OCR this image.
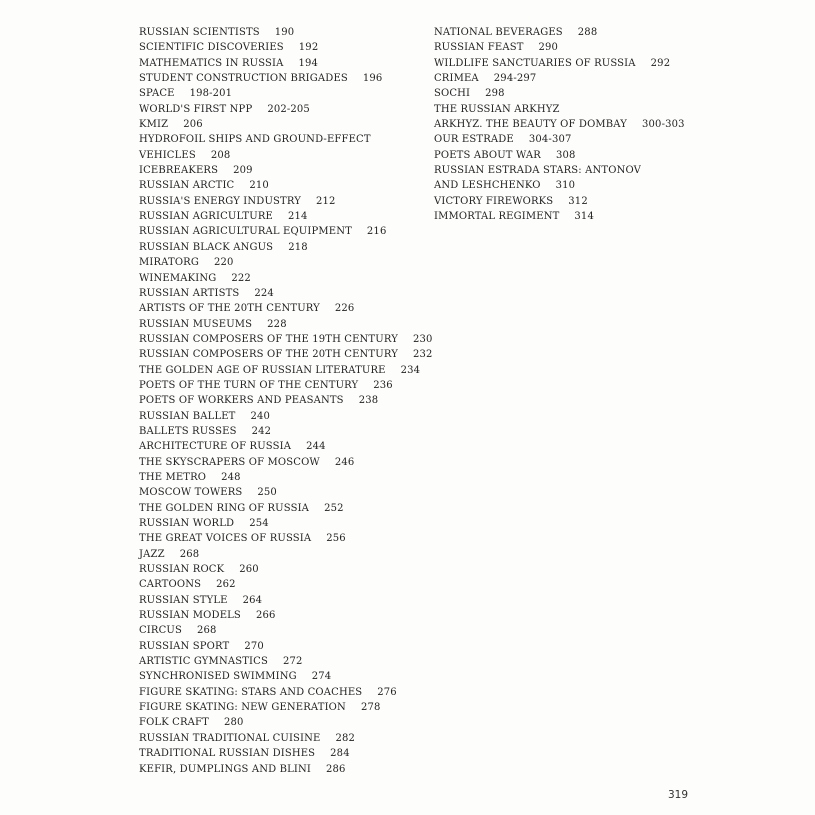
RUSSIAN SCIENTISTS 190
SCIENTIFIC DISCOVERIES 192
MATHEMATICS IN RUSSIA 194
STUDENT CONSTRUCTION BRIGADES 196
SPACE 198-201
WORLD'S FIRST NPP 202-205
KMIZ 206
HYDROFOIL SHIPS AND GROUND-EFFECT
VEHICLES 208
ICEBREAKERS 209
RUSSIAN ARCTIC 210
RUSSIA'S ENERGY INDUSTRY 212
RUSSIAN AGRICULTURE 214
RUSSIAN AGRICULTURAL EQUIPMENT 216
RUSSIAN BLACK ANGUS 218
MIRATORG 220
WINEMAKING 222
RUSSIAN ARTISTS 224
ARTISTS OF THE 20TH CENTURY 226
RUSSIAN MUSEUMS 228
RUSSIAN COMPOSERS OF THE 19TH CENTURY 230
RUSSIAN COMPOSERS OF THE 20TH CENTURY 232
THE GOLDEN AGE OF RUSSIAN LITERATURE 234
POETS OF THE TURN OF THE CENTURY 236
POETS OF WORKERS AND PEASANTS 238
RUSSIAN BALLET 240
BALLETS RUSSES 242
ARCHITECTURE OF RUSSIA 244
THE SKYSCRAPERS OF MOSCOW 246
THE METRO 248
MOSCOW TOWERS 250
THE GOLDEN RING OF RUSSIA 252
RUSSIAN WORLD 254
THE GREAT VOICES OF RUSSIA 256
JAZZ 268
RUSSIAN ROCK 260
CARTOONS 262
RUSSIAN STYLE 264
RUSSIAN MODELS 266
CIRCUS 268
RUSSIAN SPORT 270
ARTISTIC GYMNASTICS 272
SYNCHRONISED SWIMMING 274
FIGURE SKATING: STARS AND COACHES 276
FIGURE SKATING: NEW GENERATION 278
FOLK CRAFT 280
RUSSIAN TRADITIONAL CUISINE 282
TRADITIONAL RUSSIAN DISHES 284
KEFIR, DUMPLINGS AND BLINI 286
NATIONAL BEVERAGES 288
RUSSIAN FEAST 290
WILDLIFE SANCTUARIES OF RUSSIA 292
CRIMEA 294-297
SOCHI 298
THE RUSSIAN ARKHYZ
ARKHYZ. THE BEAUTY OF DOMBAY 300-303
OUR ESTRADE 304-307
POETS ABOUT WAR 308
RUSSIAN ESTRADA STARS: ANTONOV
AND LESHCHENKO 310
VICTORY FIREWORKS 312
IMMORTAL REGIMENT 314
319
